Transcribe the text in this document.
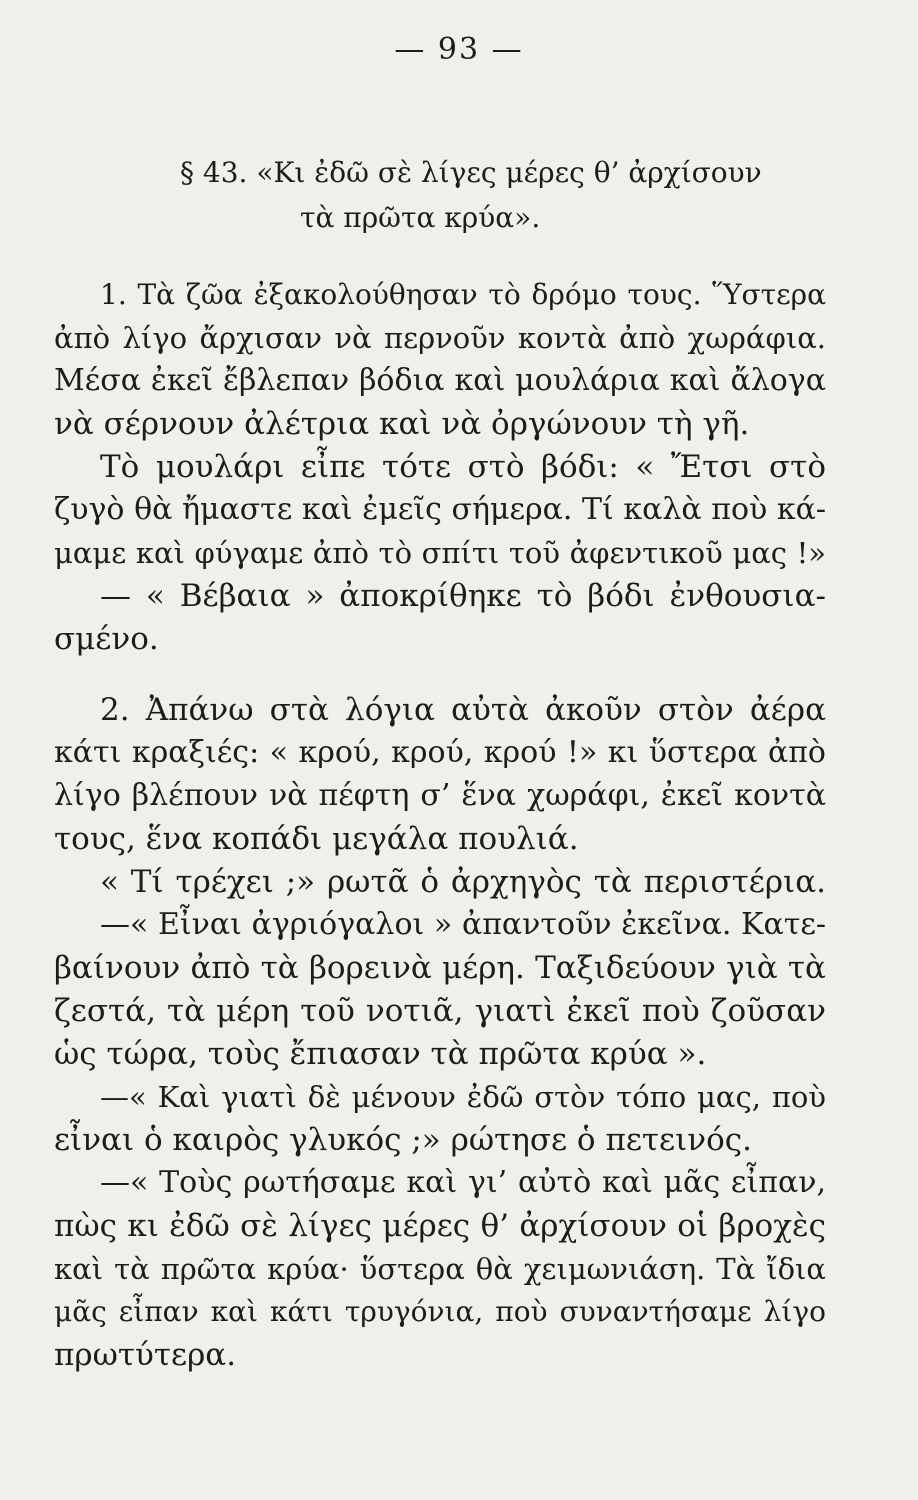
— 93 —
§ 43. «Κι ἐδῶ σὲ λίγες μέρες θ’ ἀρχίσουν
τὰ πρῶτα κρύα».
1. Τὰ ζῶα ἐξακολούθησαν τὸ δρόμο τους. Ὕστερα
ἀπὸ λίγο ἄρχισαν νὰ περνοῦν κοντὰ ἀπὸ χωράφια.
Μέσα ἐκεῖ ἔβλεπαν βόδια καὶ μουλάρια καὶ ἄλογα
νὰ σέρνουν ἀλέτρια καὶ νὰ ὀργώνουν τὴ γῆ.
Τὸ μουλάρι εἶπε τότε στὸ βόδι: « Ἔτσι στὸ
ζυγὸ θὰ ἤμαστε καὶ ἐμεῖς σήμερα. Τί καλὰ ποὺ κά-
μαμε καὶ φύγαμε ἀπὸ τὸ σπίτι τοῦ ἀφεντικοῦ μας !»
— « Βέβαια » ἀποκρίθηκε τὸ βόδι ἐνθουσια-
σμένο.
2. Ἀπάνω στὰ λόγια αὐτὰ ἀκοῦν στὸν ἀέρα
κάτι κραξιές: « κρού, κρού, κρού !» κι ὕστερα ἀπὸ
λίγο βλέπουν νὰ πέφτη σ’ ἕνα χωράφι, ἐκεῖ κοντὰ
τους, ἕνα κοπάδι μεγάλα πουλιά.
« Τί τρέχει ;» ρωτᾶ ὁ ἀρχηγὸς τὰ περιστέρια.
—« Εἶναι ἀγριόγαλοι » ἀπαντοῦν ἐκεῖνα. Κατε-
βαίνουν ἀπὸ τὰ βορεινὰ μέρη. Ταξιδεύουν γιὰ τὰ
ζεστά, τὰ μέρη τοῦ νοτιᾶ, γιατὶ ἐκεῖ ποὺ ζοῦσαν
ὡς τώρα, τοὺς ἔπιασαν τὰ πρῶτα κρύα ».
—« Καὶ γιατὶ δὲ μένουν ἐδῶ στὸν τόπο μας, ποὺ
εἶναι ὁ καιρὸς γλυκός ;» ρώτησε ὁ πετεινός.
—« Τοὺς ρωτήσαμε καὶ γι’ αὐτὸ καὶ μᾶς εἶπαν,
πὼς κι ἐδῶ σὲ λίγες μέρες θ’ ἀρχίσουν οἱ βροχὲς
καὶ τὰ πρῶτα κρύα· ὕστερα θὰ χειμωνιάση. Τὰ ἴδια
μᾶς εἶπαν καὶ κάτι τρυγόνια, ποὺ συναντήσαμε λίγο
πρωτύτερα.
